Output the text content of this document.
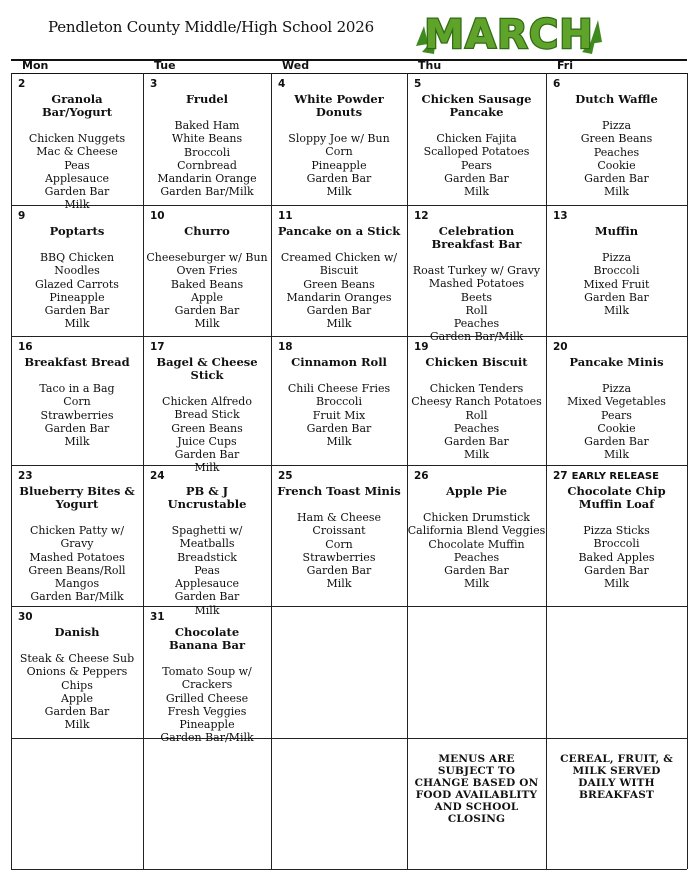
Pendleton County Middle/High School 2026 MARCH
Mon	Tue	Wed	Thu	Fri
2
Granola Bar/Yogurt
Chicken Nuggets
Mac & Cheese
Peas
Applesauce
Garden Bar
Milk
3
Frudel
Baked Ham
White Beans
Broccoli
Cornbread
Mandarin Orange
Garden Bar/Milk
4
White Powder Donuts
Sloppy Joe w/ Bun
Corn
Pineapple
Garden Bar
Milk
5
Chicken Sausage Pancake
Chicken Fajita
Scalloped Potatoes
Pears
Garden Bar
Milk
6
Dutch Waffle
Pizza
Green Beans
Peaches
Cookie
Garden Bar
Milk
9
Poptarts
BBQ Chicken
Noodles
Glazed Carrots
Pineapple
Garden Bar
Milk
10
Churro
Cheeseburger w/ Bun
Oven Fries
Baked Beans
Apple
Garden Bar
Milk
11
Pancake on a Stick
Creamed Chicken w/
Biscuit
Green Beans
Mandarin Oranges
Garden Bar
Milk
12
Celebration Breakfast Bar
Roast Turkey w/ Gravy
Mashed Potatoes
Beets
Roll
Peaches
Garden Bar/Milk
13
Muffin
Pizza
Broccoli
Mixed Fruit
Garden Bar
Milk
16
Breakfast Bread
Taco in a Bag
Corn
Strawberries
Garden Bar
Milk
17
Bagel & Cheese Stick
Chicken Alfredo
Bread Stick
Green Beans
Juice Cups
Garden Bar
Milk
18
Cinnamon Roll
Chili Cheese Fries
Broccoli
Fruit Mix
Garden Bar
Milk
19
Chicken Biscuit
Chicken Tenders
Cheesy Ranch Potatoes
Roll
Peaches
Garden Bar
Milk
20
Pancake Minis
Pizza
Mixed Vegetables
Pears
Cookie
Garden Bar
Milk
23
Blueberry Bites & Yogurt
Chicken Patty w/
Gravy
Mashed Potatoes
Green Beans/Roll
Mangos
Garden Bar/Milk
24
PB & J Uncrustable
Spaghetti w/
Meatballs
Breadstick
Peas
Applesauce
Garden Bar
Milk
25
French Toast Minis
Ham & Cheese
Croissant
Corn
Strawberries
Garden Bar
Milk
26
Apple Pie
Chicken Drumstick
California Blend Veggies
Chocolate Muffin
Peaches
Garden Bar
Milk
27 EARLY RELEASE
Chocolate Chip Muffin Loaf
Pizza Sticks
Broccoli
Baked Apples
Garden Bar
Milk
30
Danish
Steak & Cheese Sub
Onions & Peppers
Chips
Apple
Garden Bar
Milk
31
Chocolate Banana Bar
Tomato Soup w/
Crackers
Grilled Cheese
Fresh Veggies
Pineapple
Garden Bar/Milk
MENUS ARE SUBJECT TO CHANGE BASED ON FOOD AVAILABLITY AND SCHOOL CLOSING
CEREAL, FRUIT, & MILK SERVED DAILY WITH BREAKFAST
